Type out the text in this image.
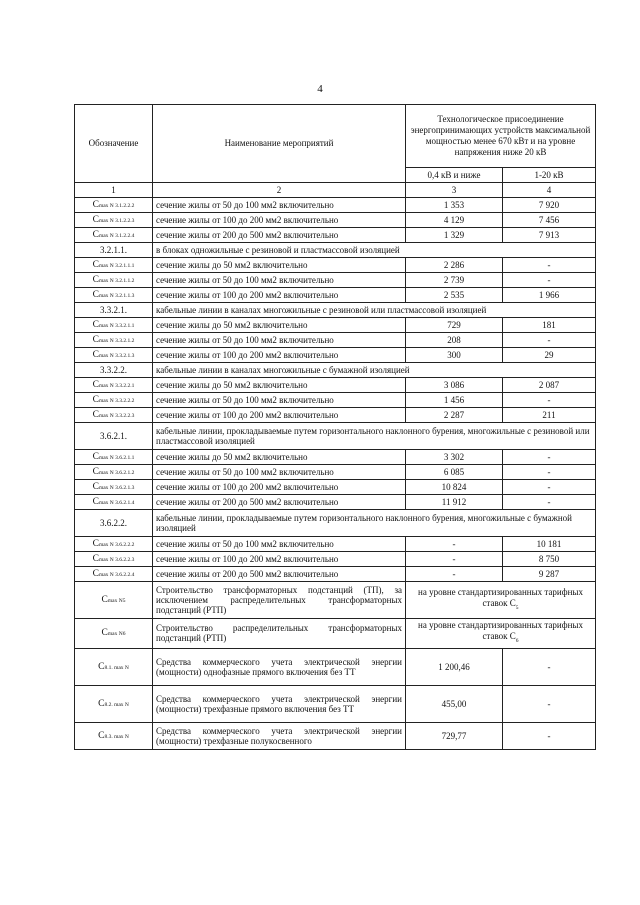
4
Обозначение	Наименование мероприятий	Технологическое присоединение энергопринимающих устройств максимальной мощностью менее 670 кВт и на уровне напряжения ниже 20 кВ	
		0,4 кВ и ниже	1-20 кВ
1	2	3	4
Cmax N 3.1.2.2.2	сечение жилы от 50 до 100 мм2 включительно	1 353	7 920
Cmax N 3.1.2.2.3	сечение жилы от 100 до 200 мм2 включительно	4 129	7 456
Cmax N 3.1.2.2.4	сечение жилы от 200 до 500 мм2 включительно	1 329	7 913
3.2.1.1.	в блоках одножильные с резиновой и пластмассовой изоляцией		
Cmax N 3.2.1.1.1	сечение жилы до 50 мм2 включительно	2 286	-
Cmax N 3.2.1.1.2	сечение жилы от 50 до 100 мм2 включительно	2 739	-
Cmax N 3.2.1.1.3	сечение жилы от 100 до 200 мм2 включительно	2 535	1 966
3.3.2.1.	кабельные линии в каналах многожильные с резиновой или пластмассовой изоляцией		
Cmax N 3.3.2.1.1	сечение жилы до 50 мм2 включительно	729	181
Cmax N 3.3.2.1.2	сечение жилы от 50 до 100 мм2 включительно	208	-
Cmax N 3.3.2.1.3	сечение жилы от 100 до 200 мм2 включительно	300	29
3.3.2.2.	кабельные линии в каналах многожильные с бумажной изоляцией		
Cmax N 3.3.2.2.1	сечение жилы до 50 мм2 включительно	3 086	2 087
Cmax N 3.3.2.2.2	сечение жилы от 50 до 100 мм2 включительно	1 456	-
Cmax N 3.3.2.2.3	сечение жилы от 100 до 200 мм2 включительно	2 287	211
3.6.2.1.	кабельные линии, прокладываемые путем горизонтального наклонного бурения, многожильные с резиновой или пластмассовой изоляцией		
Cmax N 3.6.2.1.1	сечение жилы до 50 мм2 включительно	3 302	-
Cmax N 3.6.2.1.2	сечение жилы от 50 до 100 мм2 включительно	6 085	-
Cmax N 3.6.2.1.3	сечение жилы от 100 до 200 мм2 включительно	10 824	-
Cmax N 3.6.2.1.4	сечение жилы от 200 до 500 мм2 включительно	11 912	-
3.6.2.2.	кабельные линии, прокладываемые путем горизонтального наклонного бурения, многожильные с бумажной изоляцией		
Cmax N 3.6.2.2.2	сечение жилы от 50 до 100 мм2 включительно	-	10 181
Cmax N 3.6.2.2.3	сечение жилы от 100 до 200 мм2 включительно	-	8 750
Cmax N 3.6.2.2.4	сечение жилы от 200 до 500 мм2 включительно	-	9 287
Cmax N5	Строительство трансформаторных подстанций (ТП), за исключением распределительных трансформаторных подстанций (РТП)	на уровне стандартизированных тарифных ставок $C_5$
Cmax N6	Строительство распределительных трансформаторных подстанций (РТП)	на уровне стандартизированных тарифных ставок $C_6$
C8.1. max N	Средства коммерческого учета электрической энергии (мощности) однофазные прямого включения без ТТ	1 200,46	-
C8.2. max N	Средства коммерческого учета электрической энергии (мощности) трехфазные прямого включения без ТТ	455,00	-
C8.3. max N	Средства коммерческого учета электрической энергии (мощности) трехфазные полукосвенного	729,77	-
